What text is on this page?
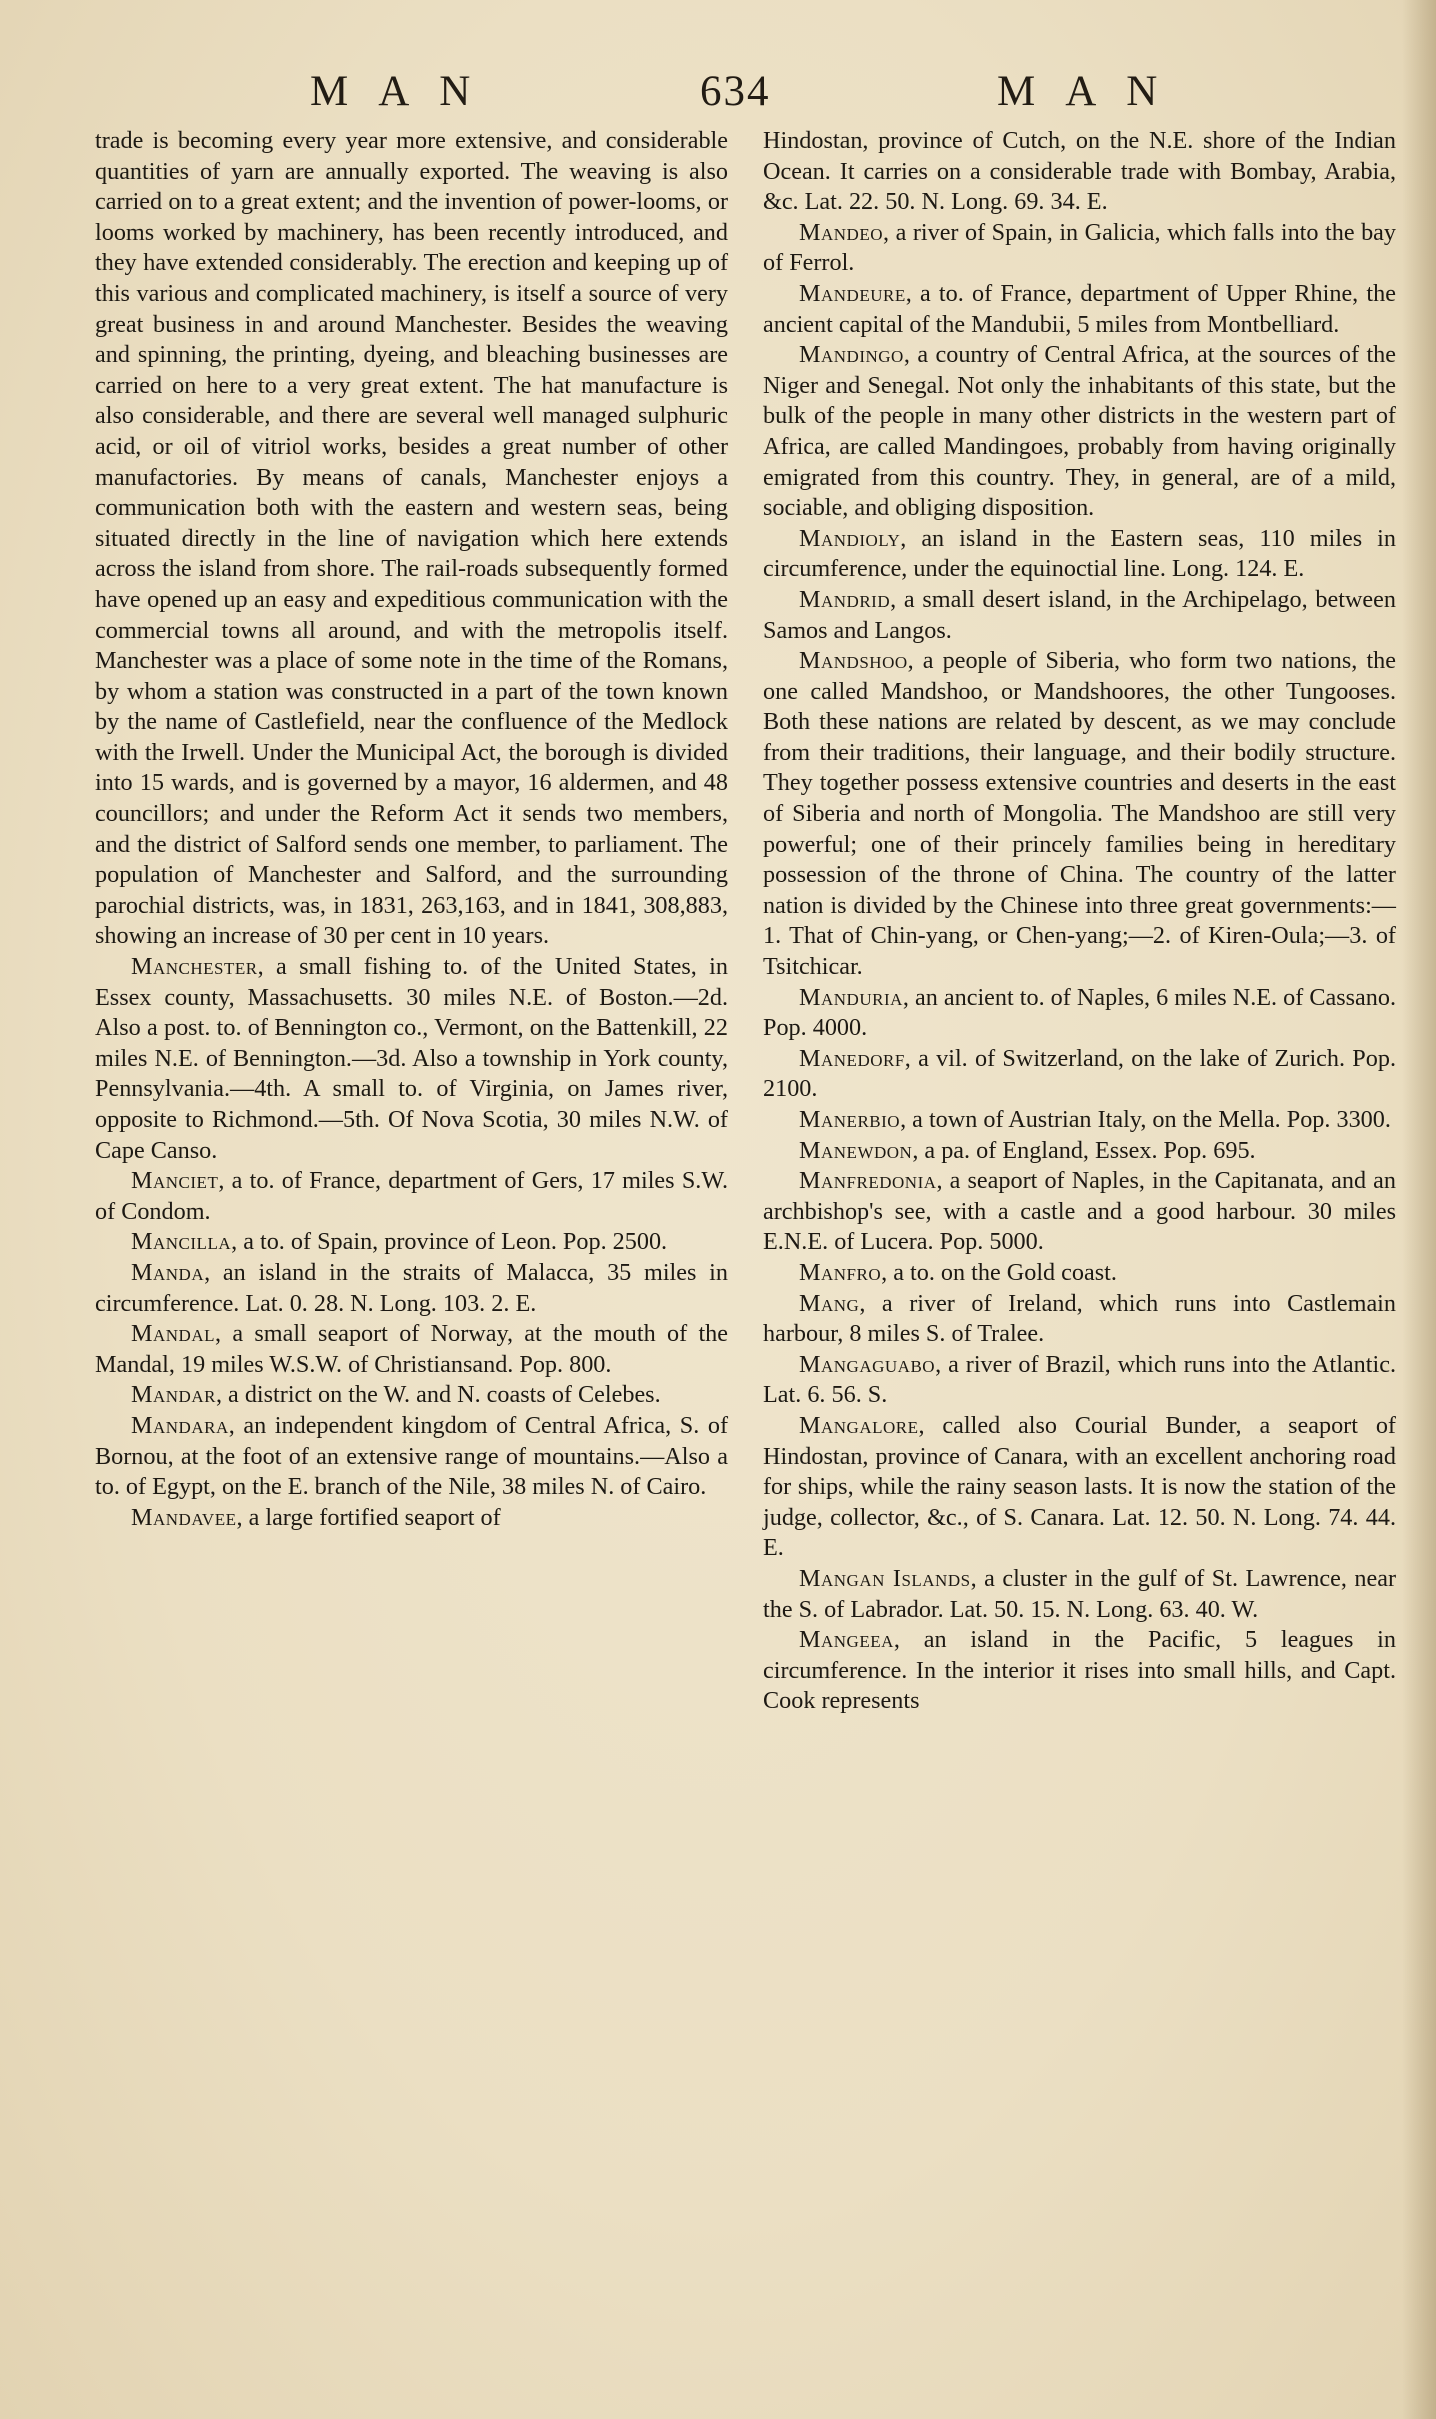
MAN	634	MAN

trade is becoming every year more extensive, and considerable quantities of yarn are annually exported. The weaving is also carried on to a great extent; and the invention of power-looms, or looms worked by machinery, has been recently introduced, and they have extended considerably. The erection and keeping up of this various and complicated machinery, is itself a source of very great business in and around Manchester. Besides the weaving and spinning, the printing, dyeing, and bleaching businesses are carried on here to a very great extent. The hat manufacture is also considerable, and there are several well managed sulphuric acid, or oil of vitriol works, besides a great number of other manufactories. By means of canals, Manchester enjoys a communication both with the eastern and western seas, being situated directly in the line of navigation which here extends across the island from shore. The rail-roads subsequently formed have opened up an easy and expeditious communication with the commercial towns all around, and with the metropolis itself. Manchester was a place of some note in the time of the Romans, by whom a station was constructed in a part of the town known by the name of Castlefield, near the confluence of the Medlock with the Irwell. Under the Municipal Act, the borough is divided into 15 wards, and is governed by a mayor, 16 aldermen, and 48 councillors; and under the Reform Act it sends two members, and the district of Salford sends one member, to parliament. The population of Manchester and Salford, and the surrounding parochial districts, was, in 1831, 263,163, and in 1841, 308,883, showing an increase of 30 per cent in 10 years.

Manchester, a small fishing to. of the United States, in Essex county, Massachusetts. 30 miles N.E. of Boston.—2d. Also a post. to. of Bennington co., Vermont, on the Battenkill, 22 miles N.E. of Bennington.—3d. Also a township in York county, Pennsylvania.—4th. A small to. of Virginia, on James river, opposite to Richmond.—5th. Of Nova Scotia, 30 miles N.W. of Cape Canso.

Manciet, a to. of France, department of Gers, 17 miles S.W. of Condom.

Mancilla, a to. of Spain, province of Leon. Pop. 2500.

Manda, an island in the straits of Malacca, 35 miles in circumference. Lat. 0. 28. N. Long. 103. 2. E.

Mandal, a small seaport of Norway, at the mouth of the Mandal, 19 miles W.S.W. of Christiansand. Pop. 800.

Mandar, a district on the W. and N. coasts of Celebes.

Mandara, an independent kingdom of Central Africa, S. of Bornou, at the foot of an extensive range of mountains.—Also a to. of Egypt, on the E. branch of the Nile, 38 miles N. of Cairo.

Mandavee, a large fortified seaport of

Hindostan, province of Cutch, on the N.E. shore of the Indian Ocean. It carries on a considerable trade with Bombay, Arabia, &c. Lat. 22. 50. N. Long. 69. 34. E.

Mandeo, a river of Spain, in Galicia, which falls into the bay of Ferrol.

Mandeure, a to. of France, department of Upper Rhine, the ancient capital of the Mandubii, 5 miles from Montbelliard.

Mandingo, a country of Central Africa, at the sources of the Niger and Senegal. Not only the inhabitants of this state, but the bulk of the people in many other districts in the western part of Africa, are called Mandingoes, probably from having originally emigrated from this country. They, in general, are of a mild, sociable, and obliging disposition.

Mandioly, an island in the Eastern seas, 110 miles in circumference, under the equinoctial line. Long. 124. E.

Mandrid, a small desert island, in the Archipelago, between Samos and Langos.

Mandshoo, a people of Siberia, who form two nations, the one called Mandshoo, or Mandshoores, the other Tungooses. Both these nations are related by descent, as we may conclude from their traditions, their language, and their bodily structure. They together possess extensive countries and deserts in the east of Siberia and north of Mongolia. The Mandshoo are still very powerful; one of their princely families being in hereditary possession of the throne of China. The country of the latter nation is divided by the Chinese into three great governments:—1. That of Chin-yang, or Chen-yang;—2. of Kiren-Oula;—3. of Tsitchicar.

Manduria, an ancient to. of Naples, 6 miles N.E. of Cassano. Pop. 4000.

Manedorf, a vil. of Switzerland, on the lake of Zurich. Pop. 2100.

Manerbio, a town of Austrian Italy, on the Mella. Pop. 3300.

Manewdon, a pa. of England, Essex. Pop. 695.

Manfredonia, a seaport of Naples, in the Capitanata, and an archbishop's see, with a castle and a good harbour. 30 miles E.N.E. of Lucera. Pop. 5000.

Manfro, a to. on the Gold coast.

Mang, a river of Ireland, which runs into Castlemain harbour, 8 miles S. of Tralee.

Mangaguabo, a river of Brazil, which runs into the Atlantic. Lat. 6. 56. S.

Mangalore, called also Courial Bunder, a seaport of Hindostan, province of Canara, with an excellent anchoring road for ships, while the rainy season lasts. It is now the station of the judge, collector, &c., of S. Canara. Lat. 12. 50. N. Long. 74. 44. E.

Mangan Islands, a cluster in the gulf of St. Lawrence, near the S. of Labrador. Lat. 50. 15. N. Long. 63. 40. W.

Mangeea, an island in the Pacific, 5 leagues in circumference. In the interior it rises into small hills, and Capt. Cook represents
